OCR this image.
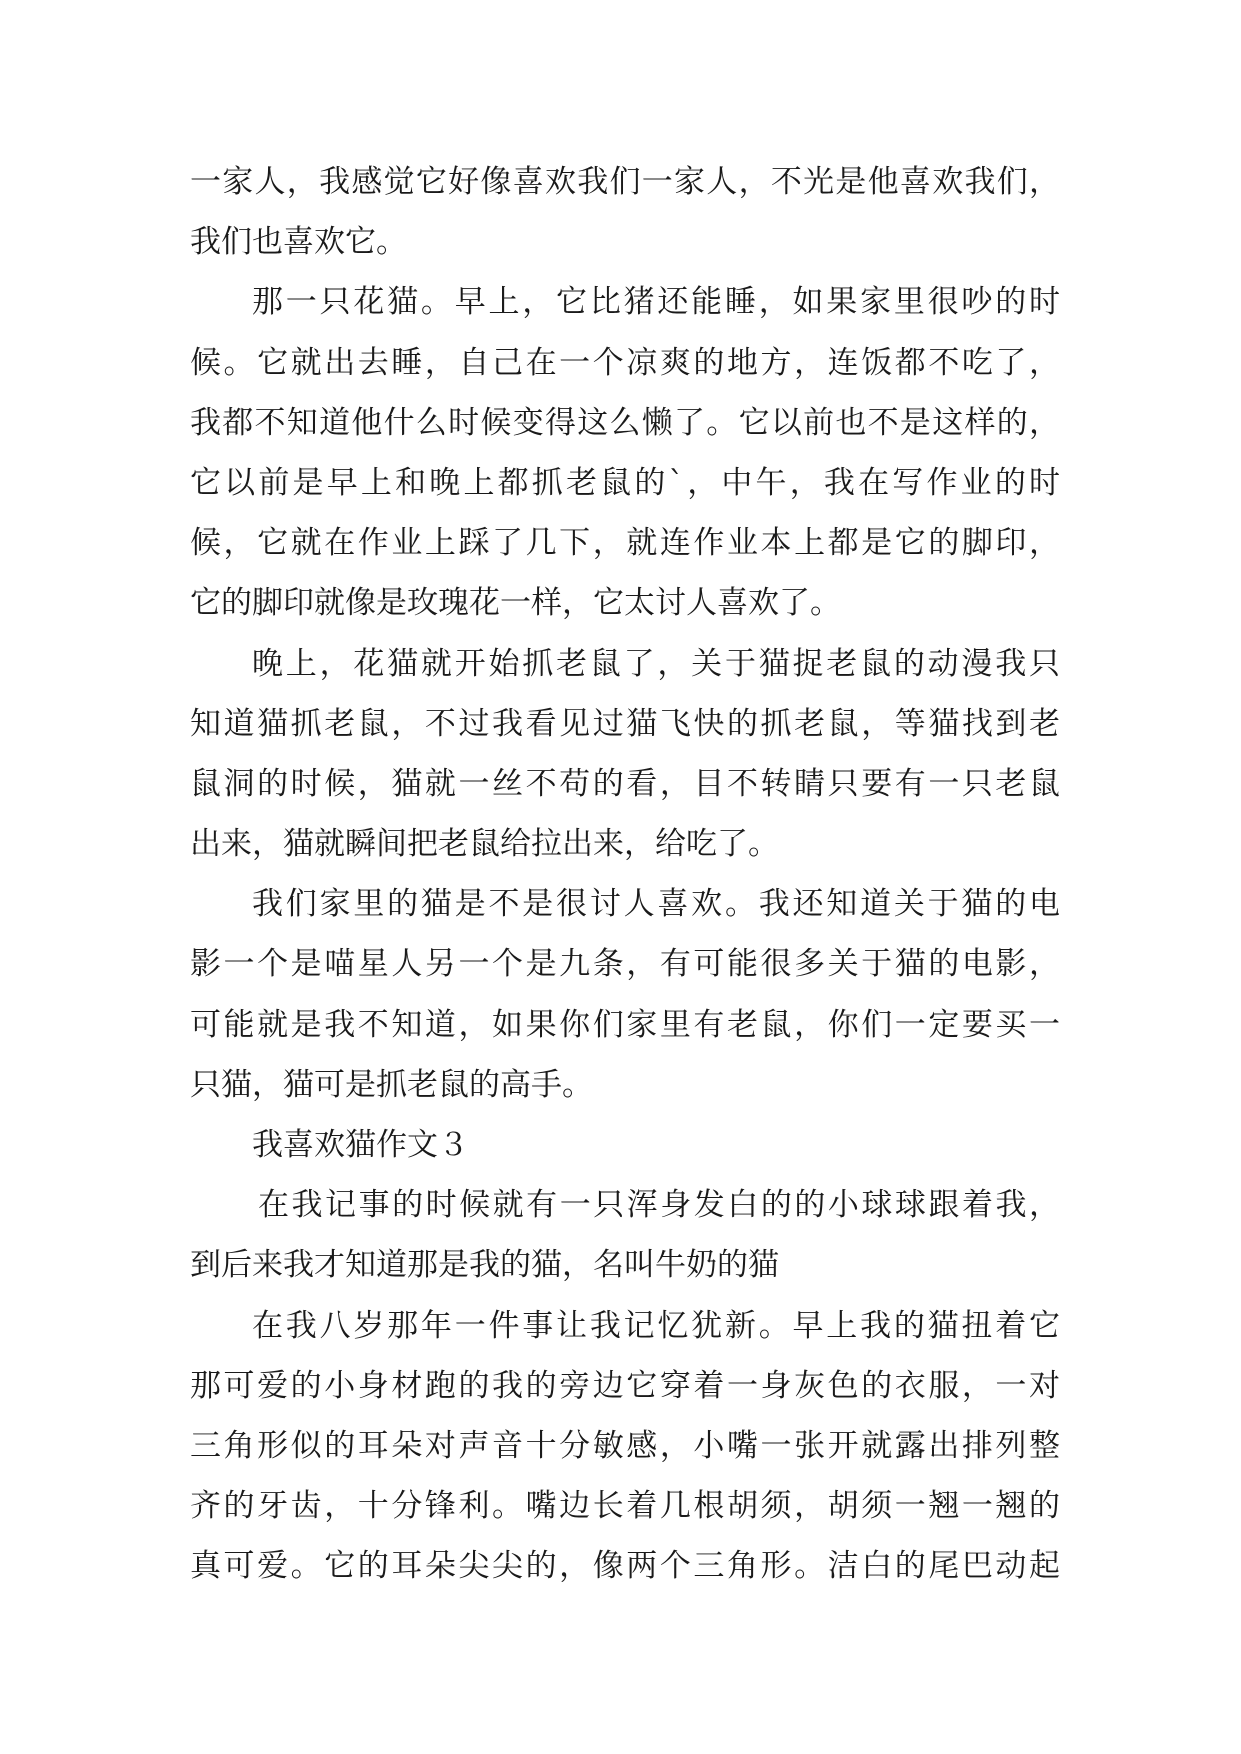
一家人，我感觉它好像喜欢我们一家人，不光是他喜欢我们，
我们也喜欢它。
那一只花猫。早上，它比猪还能睡，如果家里很吵的时
候。它就出去睡，自己在一个凉爽的地方，连饭都不吃了，
我都不知道他什么时候变得这么懒了。它以前也不是这样的，
它以前是早上和晚上都抓老鼠的`，中午，我在写作业的时
候，它就在作业上踩了几下，就连作业本上都是它的脚印，
它的脚印就像是玫瑰花一样，它太讨人喜欢了。
晚上，花猫就开始抓老鼠了，关于猫捉老鼠的动漫我只
知道猫抓老鼠，不过我看见过猫飞快的抓老鼠，等猫找到老
鼠洞的时候，猫就一丝不苟的看，目不转睛只要有一只老鼠
出来，猫就瞬间把老鼠给拉出来，给吃了。
我们家里的猫是不是很讨人喜欢。我还知道关于猫的电
影一个是喵星人另一个是九条，有可能很多关于猫的电影，
可能就是我不知道，如果你们家里有老鼠，你们一定要买一
只猫，猫可是抓老鼠的高手。
我喜欢猫作文３
在我记事的时候就有一只浑身发白的的小球球跟着我，
到后来我才知道那是我的猫，名叫牛奶的猫
在我八岁那年一件事让我记忆犹新。早上我的猫扭着它
那可爱的小身材跑的我的旁边它穿着一身灰色的衣服，一对
三角形似的耳朵对声音十分敏感，小嘴一张开就露出排列整
齐的牙齿，十分锋利。嘴边长着几根胡须，胡须一翘一翘的
真可爱。它的耳朵尖尖的，像两个三角形。洁白的尾巴动起
